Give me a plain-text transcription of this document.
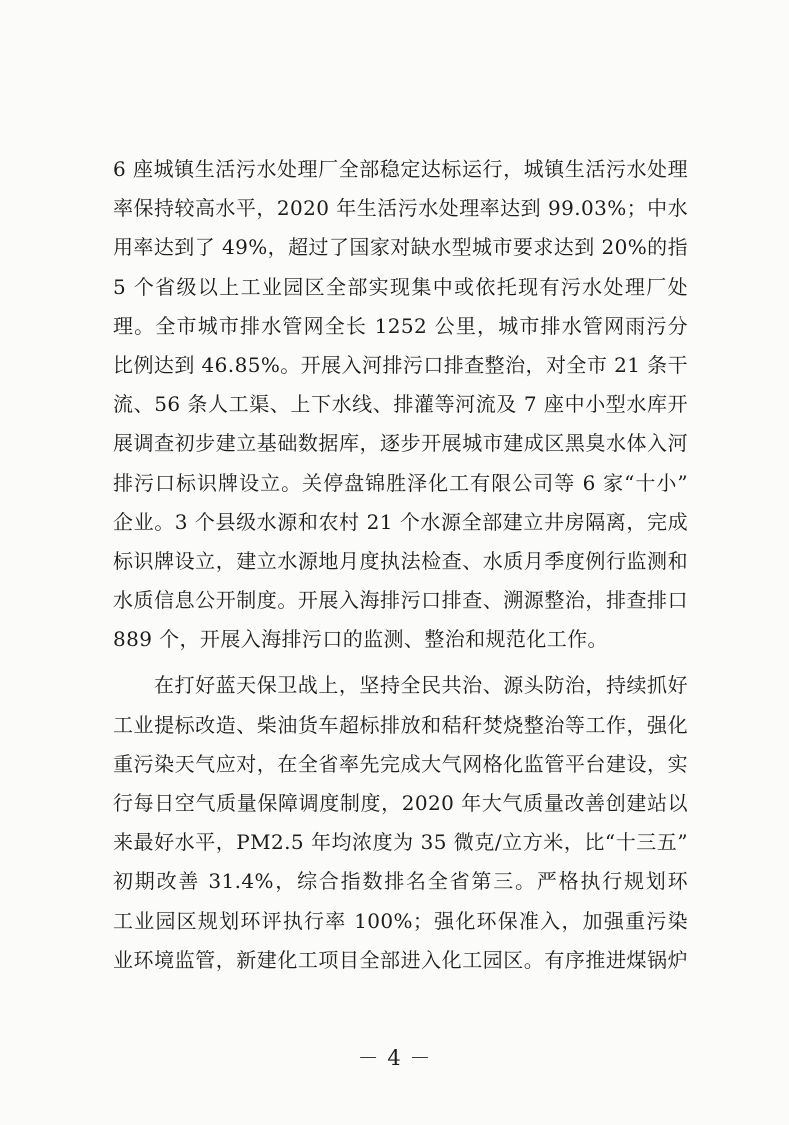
6 座城镇生活污水处理厂全部稳定达标运行，城镇生活污水处理
率保持较高水平，2020 年生活污水处理率达到 99.03%；中水
用率达到了 49%，超过了国家对缺水型城市要求达到 20%的指
5 个省级以上工业园区全部实现集中或依托现有污水处理厂处
理。全市城市排水管网全长 1252 公里，城市排水管网雨污分
比例达到 46.85%。开展入河排污口排查整治，对全市 21 条干
流、56 条人工渠、上下水线、排灌等河流及 7 座中小型水库开
展调查初步建立基础数据库，逐步开展城市建成区黑臭水体入河
排污口标识牌设立。关停盘锦胜泽化工有限公司等 6 家“十小”
企业。3 个县级水源和农村 21 个水源全部建立井房隔离，完成
标识牌设立，建立水源地月度执法检查、水质月季度例行监测和
水质信息公开制度。开展入海排污口排查、溯源整治，排查排口
889 个，开展入海排污口的监测、整治和规范化工作。
在打好蓝天保卫战上，坚持全民共治、源头防治，持续抓好
工业提标改造、柴油货车超标排放和秸秆焚烧整治等工作，强化
重污染天气应对，在全省率先完成大气网格化监管平台建设，实
行每日空气质量保障调度制度，2020 年大气质量改善创建站以
来最好水平，PM2.5 年均浓度为 35 微克/立方米，比“十三五”
初期改善 31.4%，综合指数排名全省第三。严格执行规划环
工业园区规划环评执行率 100%；强化环保准入，加强重污染
业环境监管，新建化工项目全部进入化工园区。有序推进煤锅炉
－ 4 －
